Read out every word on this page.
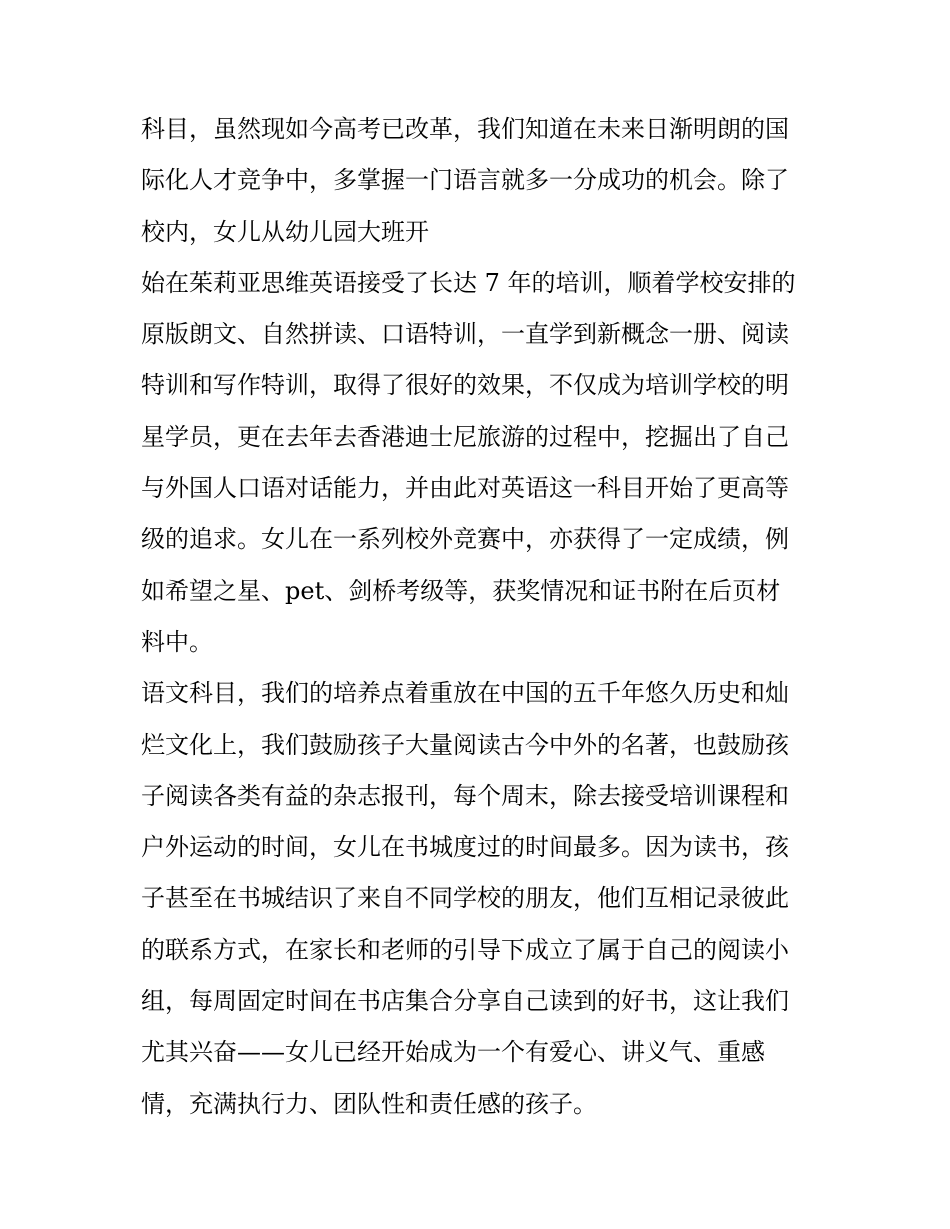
科目，虽然现如今高考已改革，我们知道在未来日渐明朗的国
际化人才竞争中，多掌握一门语言就多一分成功的机会。除了
校内，女儿从幼儿园大班开
始在茱莉亚思维英语接受了长达 7 年的培训，顺着学校安排的
原版朗文、自然拼读、口语特训，一直学到新概念一册、阅读
特训和写作特训，取得了很好的效果，不仅成为培训学校的明
星学员，更在去年去香港迪士尼旅游的过程中，挖掘出了自己
与外国人口语对话能力，并由此对英语这一科目开始了更高等
级的追求。女儿在一系列校外竞赛中，亦获得了一定成绩，例
如希望之星、pet、剑桥考级等，获奖情况和证书附在后页材
料中。
语文科目，我们的培养点着重放在中国的五千年悠久历史和灿
烂文化上，我们鼓励孩子大量阅读古今中外的名著，也鼓励孩
子阅读各类有益的杂志报刊，每个周末，除去接受培训课程和
户外运动的时间，女儿在书城度过的时间最多。因为读书，孩
子甚至在书城结识了来自不同学校的朋友，他们互相记录彼此
的联系方式，在家长和老师的引导下成立了属于自己的阅读小
组，每周固定时间在书店集合分享自己读到的好书，这让我们
尤其兴奋——女儿已经开始成为一个有爱心、讲义气、重感
情，充满执行力、团队性和责任感的孩子。
